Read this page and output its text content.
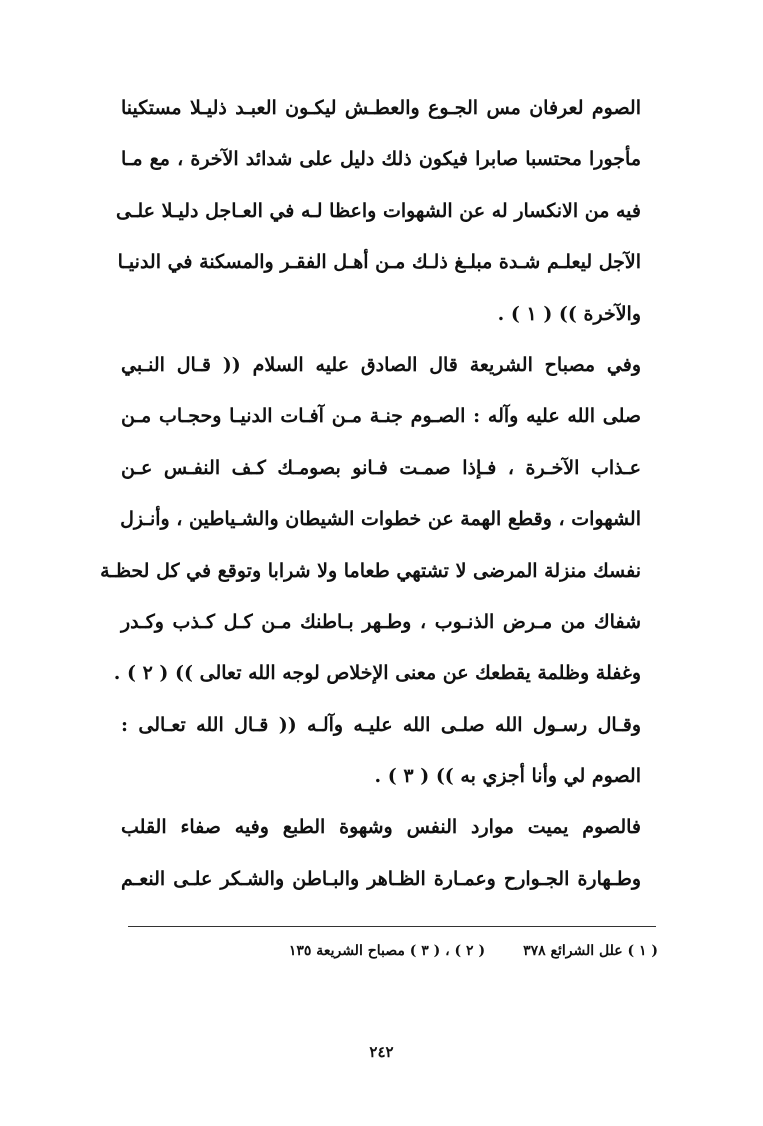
الصوم لعرفان مس الجـوع والعطـش ليكـون العبـد ذليـلا مستكينا
مأجورا محتسبا صابرا فيكون ذلك دليل على شدائد الآخرة ، مع مـا
فيه من الانكسار له عن الشهوات واعظا لـه في العـاجل دليـلا علـى
الآجل ليعلـم شـدة مبلـغ ذلـك مـن أهـل الفقـر والمسكنة في الدنيـا
والآخرة )) ( ١ ) .
وفي مصباح الشريعة قال الصادق عليه السلام (( قـال النـبي
صلى الله عليه وآله : الصـوم جنـة مـن آفـات الدنيـا وحجـاب مـن
عـذاب الآخـرة ، فـإذا صمـت فـانو بصومـك كـف النفـس عـن
الشهوات ، وقطع الهمة عن خطوات الشيطان والشـياطين ، وأنـزل
نفسك منزلة المرضى لا تشتهي طعاما ولا شرابا وتوقع في كل لحظـة
شفاك من مـرض الذنـوب ، وطـهر بـاطنك مـن كـل كـذب وكـدر
وغفلة وظلمة يقطعك عن معنى الإخلاص لوجه الله تعالى )) ( ٢ ) .
وقـال رسـول الله صلـى الله عليـه وآلـه (( قـال الله تعـالى :
الصوم لي وأنا أجزي به )) ( ٣ ) .
فالصوم يميت موارد النفس وشهوة الطبع وفيه صفاء القلب
وطـهارة الجـوارح وعمـارة الظـاهر والبـاطن والشـكر علـى النعـم
( ١ ) علل الشرائع ٣٧٨( ٢ ) ، ( ٣ ) مصباح الشريعة ١٣٥
٢٤٢
